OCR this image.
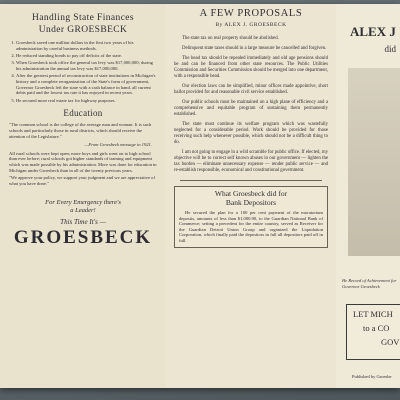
Handling State Finances
Under GROESBECK
1. Groesbeck saved one million dollars in the first two years of his administration by careful business methods.
2. He reduced standing bonds to pay off deficits of the state.
3. When Groesbeck took office the general tax levy was $17,000,000; during his administration the annual tax levy was $17,000,000.
4. After the greatest period of reconstruction of state institutions in Michigan's history and a complete reorganization of the State's form of government, Governor Groesbeck left the state with a cash balance in hand, all current debts paid and the lowest tax rate it has enjoyed in recent years.
5. He secured more real estate tax for highway purposes.
Education

"The common school is the college of the average man and woman. It is such schools and particularly those in rural districts, which should receive the attention of the Legislature."

—From Groesbeck message in 1921.

All rural schools were kept open; more boys and girls went on to high school than ever before; rural schools got higher standards of training and equipment which was made possible by his administration. More was done for education in Michigan under Groesbeck than in all of the twenty previous years.

"We approve your policy, we support your judgment and we are appreciative of what you have done."

For Every Emergency there's
a Leader!
This Time It's —
GROESBECK
A FEW PROPOSALS
By ALEX J. GROESBECK

The state tax on real property should be abolished.

Delinquent state taxes should in a large measure be cancelled and forgiven.

The head tax should be repealed immediately and old age pensions should be and can be financed from other state resources. The Public Utilities Commission and Securities Commission should be merged into one department, with a responsible head.

Our election laws can be simplified, minor offices made appointive, short ballot provided for and reasonable civil service established.

Our public schools must be maintained on a high plane of efficiency and a comprehensive and equitable program of sustaining them permanently established.

The state must continue its welfare program which was wastefully neglected for a considerable period. Work should be provided for those receiving such help whenever possible, which should not be a difficult thing to do.

I am not going to engage in a wild scramble for public office. If elected, my objective will be to correct self known abuses in our government — lighten the tax burden — eliminate unnecessary expense — render public service — and re-establish responsible, economical and constitutional government.

What Groesbeck did for
Bank Depositors

He secured the plan for a 100 per cent payment of the moratorium deposits, amounts of less than $1,000.00, to the Guardian National Bank of Commerce; setting a precedent for the entire country, served as Receiver for the Guardian Detroit Union Group and organized the Liquidation Corporation, which finally paid the depositors in full all depositors paid off in full.

ALEX J
did
He Record of Achievement for Governor Groesbeck
LET MICH
to a CO
GOV
Published by Groesbe
